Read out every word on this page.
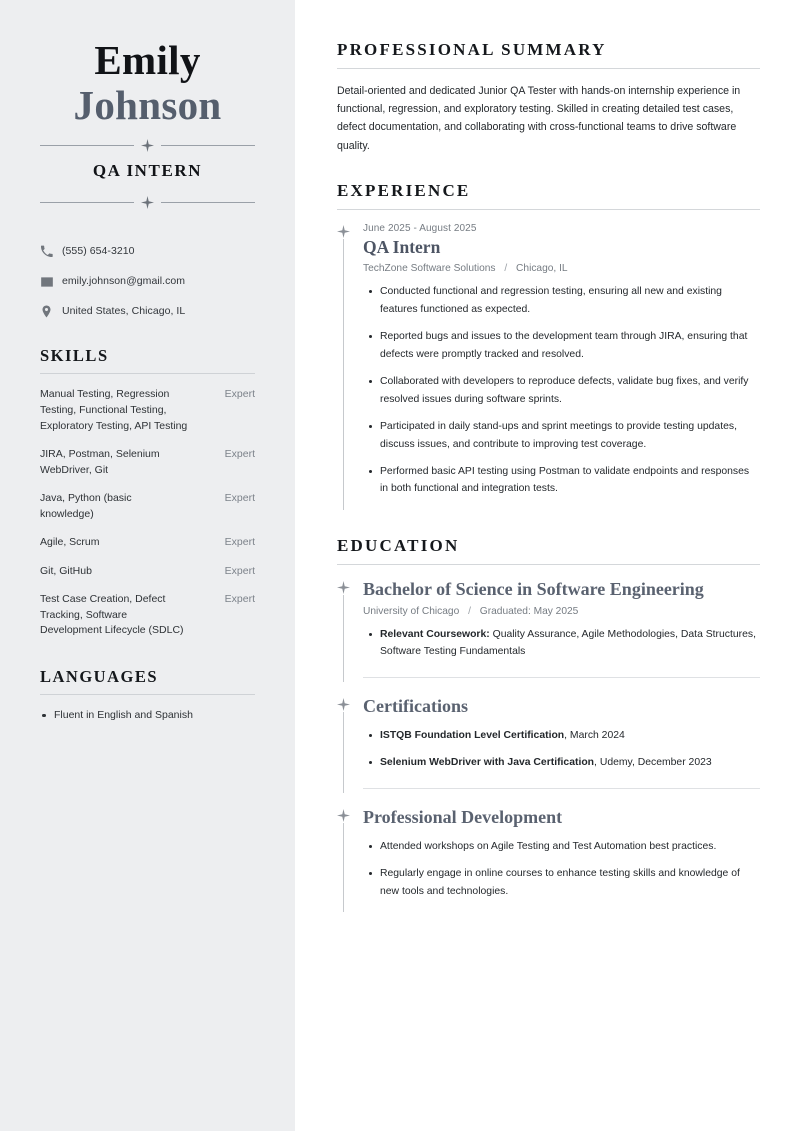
Emily
Johnson
QA INTERN
(555) 654-3210
emily.johnson@gmail.com
United States, Chicago, IL
SKILLS
Manual Testing, Regression Testing, Functional Testing, Exploratory Testing, API Testing
Expert
JIRA, Postman, Selenium WebDriver, Git
Expert
Java, Python (basic knowledge)
Expert
Agile, Scrum	Expert
Git, GitHub	Expert
Test Case Creation, Defect Tracking, Software Development Lifecycle (SDLC)
Expert
LANGUAGES
Fluent in English and Spanish
PROFESSIONAL SUMMARY

Detail-oriented and dedicated Junior QA Tester with hands-on internship experience in functional, regression, and exploratory testing. Skilled in creating detailed test cases, defect documentation, and collaborating with cross-functional teams to drive software quality.

EXPERIENCE
June 2025 - August 2025
QA Intern
TechZone Software Solutions / Chicago, IL
Conducted functional and regression testing, ensuring all new and existing features functioned as expected.
Reported bugs and issues to the development team through JIRA, ensuring that defects were promptly tracked and resolved.
Collaborated with developers to reproduce defects, validate bug fixes, and verify resolved issues during software sprints.
Participated in daily stand-ups and sprint meetings to provide testing updates, discuss issues, and contribute to improving test coverage.
Performed basic API testing using Postman to validate endpoints and responses in both functional and integration tests.
EDUCATION
Bachelor of Science in Software Engineering
University of Chicago / Graduated: May 2025
Relevant Coursework: Quality Assurance, Agile Methodologies, Data Structures, Software Testing Fundamentals
Certifications
ISTQB Foundation Level Certification, March 2024
Selenium WebDriver with Java Certification, Udemy, December 2023
Professional Development
Attended workshops on Agile Testing and Test Automation best practices.
Regularly engage in online courses to enhance testing skills and knowledge of new tools and technologies.
